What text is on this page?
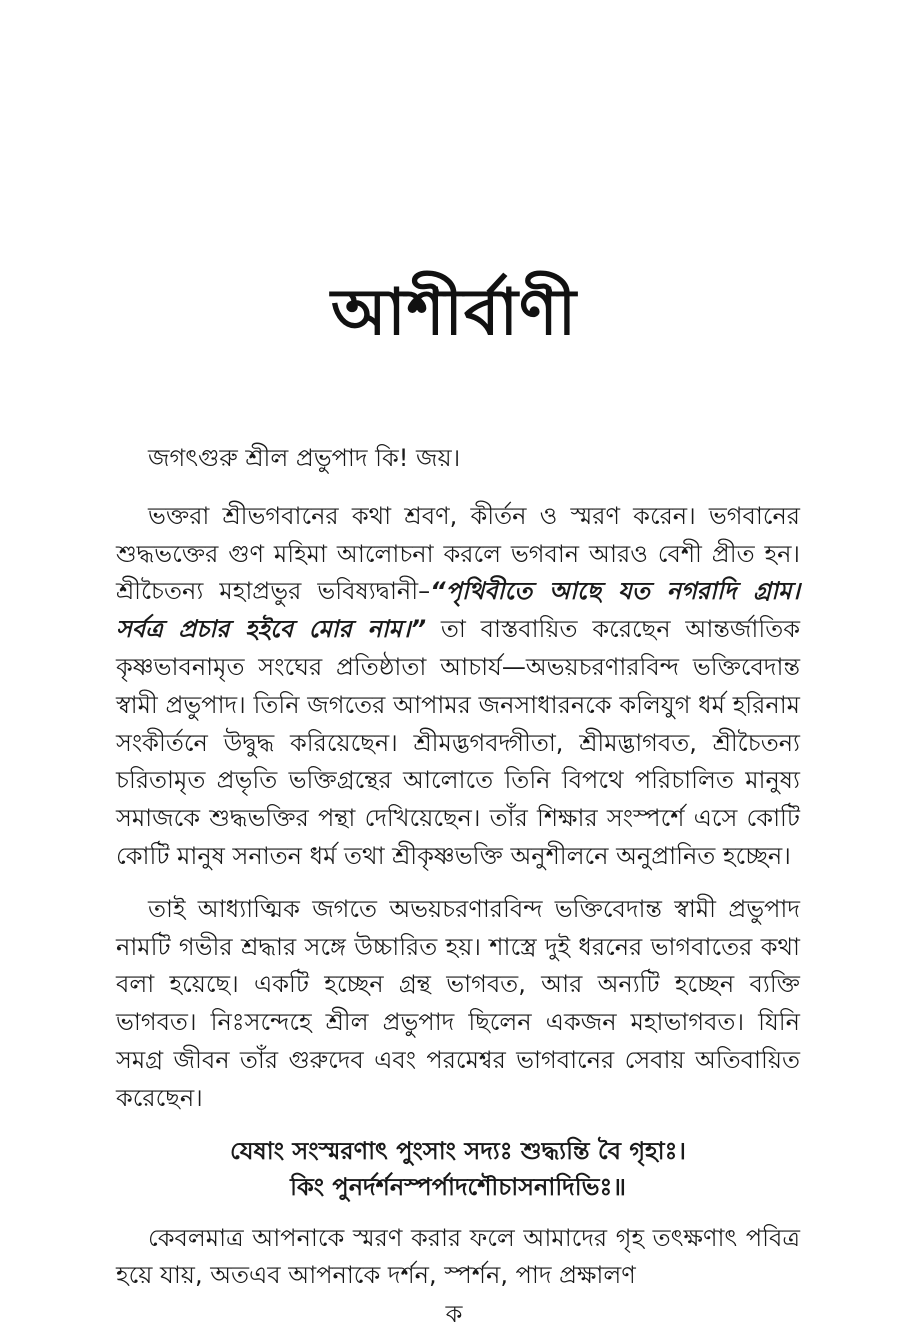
আশীর্বাণী

জগৎগুরু শ্রীল প্রভুপাদ কি! জয়।

ভক্তরা শ্রীভগবানের কথা শ্রবণ, কীর্তন ও স্মরণ করেন। ভগবানের শুদ্ধভক্তের গুণ মহিমা আলোচনা করলে ভগবান আরও বেশী প্রীত হন। শ্রীচৈতন্য মহাপ্রভুর ভবিষ্যদ্বানী–“পৃথিবীতে আছে যত নগরাদি গ্রাম। সর্বত্র প্রচার হইবে মোর নাম।” তা বাস্তবায়িত করেছেন আন্তর্জাতিক কৃষ্ণভাবনামৃত সংঘের প্রতিষ্ঠাতা আচার্য—অভয়চরণারবিন্দ ভক্তিবেদান্ত স্বামী প্রভুপাদ। তিনি জগতের আপামর জনসাধারনকে কলিযুগ ধর্ম হরিনাম সংকীর্তনে উদ্বুদ্ধ করিয়েছেন। শ্রীমদ্ভগবদ্গীতা, শ্রীমদ্ভাগবত, শ্রীচৈতন্য চরিতামৃত প্রভৃতি ভক্তিগ্রন্থের আলোতে তিনি বিপথে পরিচালিত মানুষ্য সমাজকে শুদ্ধভক্তির পন্থা দেখিয়েছেন। তাঁর শিক্ষার সংস্পর্শে এসে কোটি কোটি মানুষ সনাতন ধর্ম তথা শ্রীকৃষ্ণভক্তি অনুশীলনে অনুপ্রানিত হচ্ছেন।

তাই আধ্যাত্মিক জগতে অভয়চরণারবিন্দ ভক্তিবেদান্ত স্বামী প্রভুপাদ নামটি গভীর শ্রদ্ধার সঙ্গে উচ্চারিত হয়। শাস্ত্রে দুই ধরনের ভাগবাতের কথা বলা হয়েছে। একটি হচ্ছেন গ্রন্থ ভাগবত, আর অন্যটি হচ্ছেন ব্যক্তি ভাগবত। নিঃসন্দেহে শ্রীল প্রভুপাদ ছিলেন একজন মহাভাগবত। যিনি সমগ্র জীবন তাঁর গুরুদেব এবং পরমেশ্বর ভাগবানের সেবায় অতিবায়িত করেছেন।

যেষাং সংস্মরণাৎ পুংসাং সদ্যঃ শুদ্ধ্যন্তি বৈ গৃহাঃ।
কিং পুনর্দর্শনস্পর্পাদশৌচাসনাদিভিঃ॥

কেবলমাত্র আপনাকে স্মরণ করার ফলে আমাদের গৃহ তৎক্ষণাৎ পবিত্র হয়ে যায়, অতএব আপনাকে দর্শন, স্পর্শন, পাদ প্রক্ষালণ

ক
